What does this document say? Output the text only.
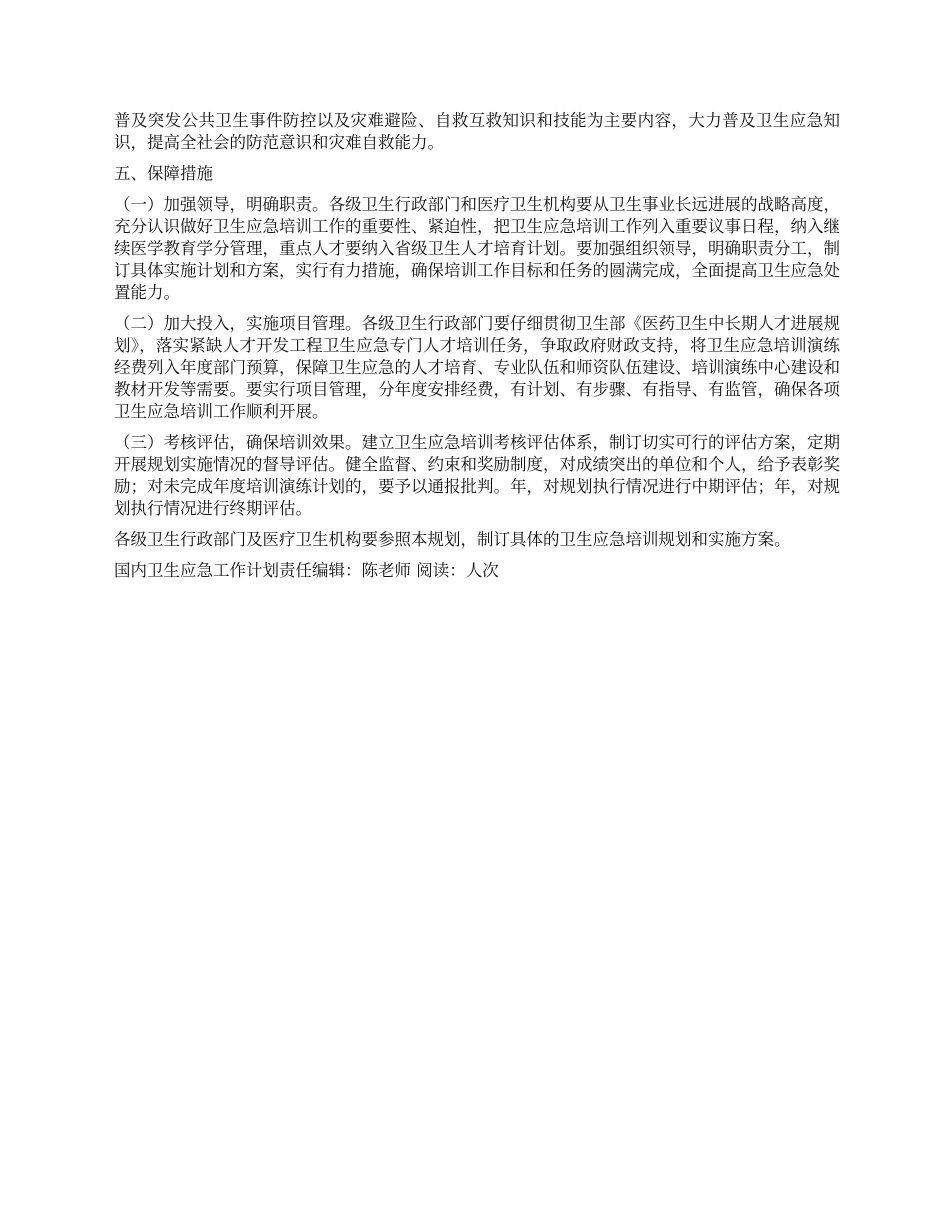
普及突发公共卫生事件防控以及灾难避险、自救互救知识和技能为主要内容，大力普及卫生应急知识，提高全社会的防范意识和灾难自救能力。

五、保障措施

（一）加强领导，明确职责。各级卫生行政部门和医疗卫生机构要从卫生事业长远进展的战略高度，充分认识做好卫生应急培训工作的重要性、紧迫性，把卫生应急培训工作列入重要议事日程，纳入继续医学教育学分管理，重点人才要纳入省级卫生人才培育计划。要加强组织领导，明确职责分工，制订具体实施计划和方案，实行有力措施，确保培训工作目标和任务的圆满完成，全面提高卫生应急处置能力。

（二）加大投入，实施项目管理。各级卫生行政部门要仔细贯彻卫生部《医药卫生中长期人才进展规划》，落实紧缺人才开发工程卫生应急专门人才培训任务，争取政府财政支持，将卫生应急培训演练经费列入年度部门预算，保障卫生应急的人才培育、专业队伍和师资队伍建设、培训演练中心建设和教材开发等需要。要实行项目管理，分年度安排经费，有计划、有步骤、有指导、有监管，确保各项卫生应急培训工作顺利开展。

（三）考核评估，确保培训效果。建立卫生应急培训考核评估体系，制订切实可行的评估方案，定期开展规划实施情况的督导评估。健全监督、约束和奖励制度，对成绩突出的单位和个人，给予表彰奖励；对未完成年度培训演练计划的，要予以通报批判。年，对规划执行情况进行中期评估；年，对规划执行情况进行终期评估。

各级卫生行政部门及医疗卫生机构要参照本规划，制订具体的卫生应急培训规划和实施方案。

国内卫生应急工作计划责任编辑：陈老师 阅读：人次
